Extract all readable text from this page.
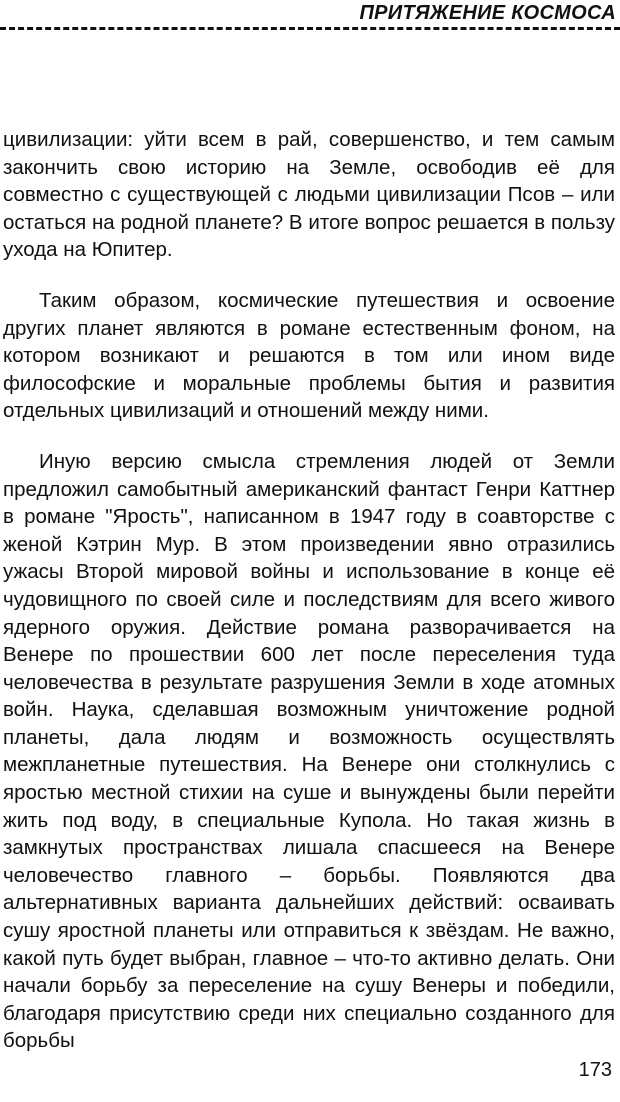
ПРИТЯЖЕНИЕ КОСМОСА

цивилизации: уйти всем в рай, совершенство, и тем самым закончить свою историю на Земле, освободив её для совместно с существующей с людьми цивилизации Псов – или остаться на родной планете? В итоге вопрос решается в пользу ухода на Юпитер.

Таким образом, космические путешествия и освоение других планет являются в романе естественным фоном, на котором возникают и решаются в том или ином виде философские и моральные проблемы бытия и развития отдельных цивилизаций и отношений между ними.

Иную версию смысла стремления людей от Земли предложил самобытный американский фантаст Генри Каттнер в романе "Ярость", написанном в 1947 году в соавторстве с женой Кэтрин Мур. В этом произведении явно отразились ужасы Второй мировой войны и использование в конце её чудовищного по своей силе и последствиям для всего живого ядерного оружия. Действие романа разворачивается на Венере по прошествии 600 лет после переселения туда человечества в результате разрушения Земли в ходе атомных войн. Наука, сделавшая возможным уничтожение родной планеты, дала людям и возможность осуществлять межпланетные путешествия. На Венере они столкнулись с яростью местной стихии на суше и вынуждены были перейти жить под воду, в специальные Купола. Но такая жизнь в замкнутых пространствах лишала спасшееся на Венере человечество главного – борьбы. Появляются два альтернативных варианта дальнейших действий: осваивать сушу яростной планеты или отправиться к звёздам. Не важно, какой путь будет выбран, главное – что-то активно делать. Они начали борьбу за переселение на сушу Венеры и победили, благодаря присутствию среди них специально созданного для борьбы

173
